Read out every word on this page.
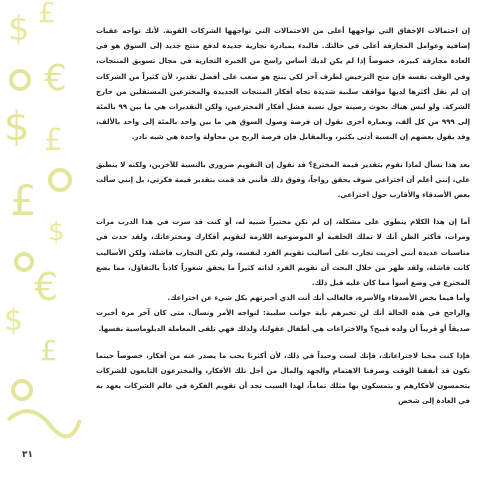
$ £
€
$ £
£
$
€
$
£

إن احتمالات الإخفاق التي تواجهها أعلى من الاحتمالات التي تواجهها الشركات القوية. لأنك تواجه عقبات إضافية وعوامل المجازفة أعلى في حالتك. فالبدء بمبادرة تجارية جديدة لدفع منتج جديد إلى السوق هو في العادة مجازفة كبيرة، خصوصاً إذا لم يكن لديك أساس راسخ من الخبرة التجارية في مجال تسويق المنتجات، وفي الوقت نفسه فإن منح الترخيص لطرف آخر لكي ينتج هو صعب على أفضل تقدير، لأن كثيراً من الشركات إن لم نقل أكثرها لديها مواقف سلبية شديدة تجاه أفكار المنتجات الجديدة والمخترعين المستقلين من خارج الشركة. ولو ليس هناك بحوث رصينة حول نسبة فشل أفكار المخترعين، ولكن التقديرات هي ما بين ٩٩ بالمئة إلى ٩٩٩ من كل ألف، وبعبارة أخرى نقول إن فرصة وصول السوق هي ما بين واحد بالمئة إلى واحد بالألف، وقد يقول بعضهم إن النسبة أدنى بكثير، وبالمقابل فإن فرصة الربح من محاولة واحدة هي شبه نادر.

بعد هذا نسأل لماذا نقوم بتقدير قيمة المخترع؟ قد نقول إن التقويم ضروري بالنسبة للآخرين، ولكنه لا ينطبق علي، إنني أعلم أن اختراعي سوف يحقق رواجاً، وفوق ذلك فأنني قد قمت بتقدير قيمة فكرتي، بل إنني سألت بعض الأصدقاء والأقارب حول اختراعي.

أما إن هذا الكلام ينطوي على مشكلة، إن لم تكن مختبراً شبيه له، أو كنت قد سرت في هذا الدرب مرات ومرات، فأكثر الظن أنك لا تملك الخلفية أو الموضوعية اللازمة لتقويم أفكارك ومخترعاتك، ولقد حدث في مناسبات عديدة أنني أجريت تجارب على أساليب تقويم الفرد لنفسه، ولم تكن التجارب فاشلة، ولكن الأساليب كانت فاشلة، ولقد ظهر من خلال البحث أن تقويم الفرد لذاته كثيراً ما يحقق شعوراً كاذباً بالتفاؤل، مما يضع المخترع في وضع أسوأ مما كان عليه قبل ذلك.

وأما فيما يخص الأصدقاء والأسرة، فالغالب أنك أنت الذي أخبرتهم بكل شيء عن اختراعك.

والراجح في هذه الحالة أنك لن تخبرهم بأية جوانب سلبية: لنواجه الأمر ونسأل، متى كان آخر مرة أخبرت صديقاً أو قريباً أن ولده قبيح؟ والاختراعات هي أطفال عقولنا، ولذلك فهي تلقى المعاملة الدبلوماسية نفسها.

فإذا كنت محبا لاختراعاتك، فإنك لست وحيداً في ذلك، لأن أكثرنا يحب ما يصدر عنه من أفكار، خصوصاً حينما نكون قد أنفقنا الوقت وصرفنا الاهتمام والجهد والمال من أجل تلك الأفكار، والمخترعون التابعون للشركات يتحمسون لأفكارهم و يتمسكون بها مثلك تماماً، لهذا السبب تجد أن تقويم الفكرة في عالم الشركات يعهد به في العادة إلى شخص

٣١
